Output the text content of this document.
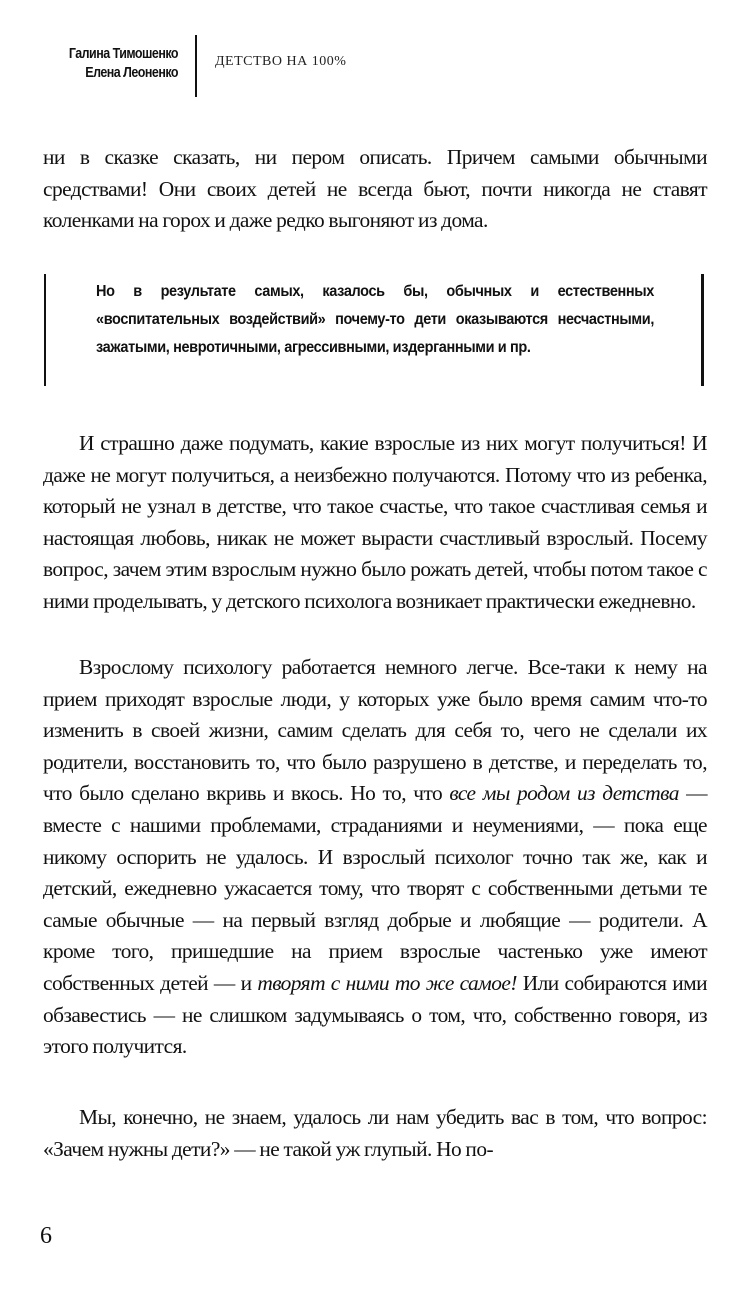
Галина Тимошенко
Елена Леоненко
ДЕТСТВО НА 100%

ни в сказке сказать, ни пером описать. Причем самыми обычными средствами! Они своих детей не всегда бьют, почти никогда не ставят коленками на горох и даже редко выгоняют из дома.

Но в результате самых, казалось бы, обычных и естественных «воспитательных воздействий» почему-то дети оказываются несчастными, зажатыми, невротичными, агрессивными, издерганными и пр.

И страшно даже подумать, какие взрослые из них могут получиться! И даже не могут получиться, а неизбежно получаются. Потому что из ребенка, который не узнал в детстве, что такое счастье, что такое счастливая семья и настоящая любовь, никак не может вырасти счастливый взрослый. Посему вопрос, зачем этим взрослым нужно было рожать детей, чтобы потом такое с ними проделывать, у детского психолога возникает практически ежедневно.

Взрослому психологу работается немного легче. Все-таки к нему на прием приходят взрослые люди, у которых уже было время самим что-то изменить в своей жизни, самим сделать для себя то, чего не сделали их родители, восстановить то, что было разрушено в детстве, и переделать то, что было сделано вкривь и вкось. Но то, что все мы родом из детства — вместе с нашими проблемами, страданиями и неумениями, — пока еще никому оспорить не удалось. И взрослый психолог точно так же, как и детский, ежедневно ужасается тому, что творят с собственными детьми те самые обычные — на первый взгляд добрые и любящие — родители. А кроме того, пришедшие на прием взрослые частенько уже имеют собственных детей — и творят с ними то же самое! Или собираются ими обзавестись — не слишком задумываясь о том, что, собственно говоря, из этого получится.

Мы, конечно, не знаем, удалось ли нам убедить вас в том, что вопрос: «Зачем нужны дети?» — не такой уж глупый. Но по-

6
